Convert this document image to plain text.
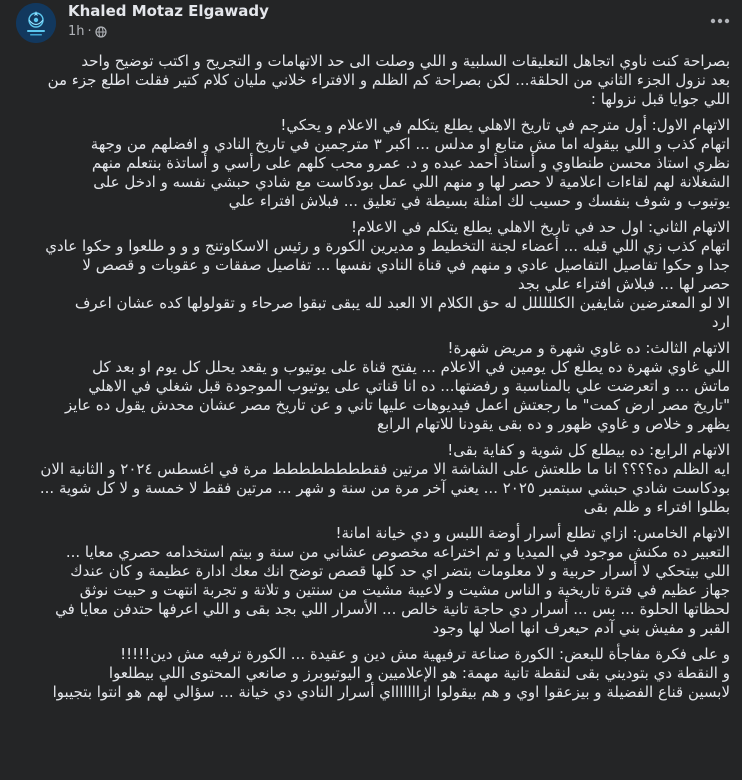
Khaled Motaz Elgawady
1h ·
بصراحة كنت ناوي اتجاهل التعليقات السلبية و اللي وصلت الى حد الاتهامات و التجريح و اكتب توضيح واحد
بعد نزول الجزء الثاني من الحلقة... لكن بصراحة كم الظلم و الافتراء خلاني مليان كلام كتير فقلت اطلع جزء من
اللي جوايا قبل نزولها :
الاتهام الاول: أول مترجم في تاريخ الاهلي يطلع يتكلم في الاعلام و يحكي!
اتهام كذب و اللي بيقوله اما مش متابع او مدلس ... اكبر ٣ مترجمين في تاريخ النادي و افضلهم من وجهة
نظري استاذ محسن طنطاوي و أستاذ أحمد عبده و د. عمرو محب كلهم على رأسي و أساتذة بنتعلم منهم
الشغلانة لهم لقاءات اعلامية لا حصر لها و منهم اللي عمل بودكاست مع شادي حبشي نفسه و ادخل على
يوتيوب و شوف بنفسك و حسيب لك امثلة بسيطة في تعليق ... فبلاش افتراء علي
الاتهام الثاني: اول حد في تاريخ الاهلي يطلع يتكلم في الاعلام!
اتهام كذب زي اللي قبله ... أعضاء لجنة التخطيط و مديرين الكورة و رئيس الاسكاوتنج و و و طلعوا و حكوا عادي
جدا و حكوا تفاصيل التفاصيل عادي و منهم في قناة النادي نفسها ... تفاصيل صفقات و عقوبات و قصص لا
حصر لها ... فبلاش افتراء علي بجد
الا لو المعترضين شايفين الكلللللل له حق الكلام الا العبد لله يبقى تبقوا صرحاء و تقولولها كده عشان اعرف
ارد
الاتهام الثالث: ده غاوي شهرة و مريض شهرة!
اللي غاوي شهرة ده يطلع كل يومين في الاعلام ... يفتح قناة على يوتيوب و يقعد يحلل كل يوم او بعد كل
ماتش ... و اتعرضت علي بالمناسبة و رفضتها... ده انا قناتي على يوتيوب الموجودة قبل شغلي في الاهلي
"تاريخ مصر ارض كمت" ما رجعتش اعمل فيديوهات عليها تاني و عن تاريخ مصر عشان محدش يقول ده عايز
يظهر و خلاص و غاوي ظهور و ده بقى يقودنا للاتهام الرابع
الاتهام الرابع: ده بيطلع كل شوية و كفاية بقى!
ايه الظلم ده؟؟؟؟ انا ما طلعتش على الشاشة الا مرتين فقطططططططط مرة في اغسطس ٢٠٢٤ و الثانية الان
بودكاست شادي حبشي سبتمبر ٢٠٢٥ ... يعني آخر مرة من سنة و شهر ... مرتين فقط لا خمسة و لا كل شوية ...
بطلوا افتراء و ظلم بقى
الاتهام الخامس: ازاي تطلع أسرار أوضة اللبس و دي خيانة امانة!
التعبير ده مكنش موجود في الميديا و تم اختراعه مخصوص عشاني من سنة و بيتم استخدامه حصري معايا ...
اللي بيتحكي لا أسرار حربية و لا معلومات بتضر اي حد كلها قصص توضح انك معك ادارة عظيمة و كان عندك
جهاز عظيم في فترة تاريخية و الناس مشيت و لاعيبة مشيت من سنتين و تلاتة و تجربة انتهت و حبيت نوثق
لحظاتها الحلوة ... بس ... أسرار دي حاجة تانية خالص ... الأسرار اللي بجد بقى و اللي اعرفها حتدفن معايا في
القبر و مفيش بني آدم حيعرف انها اصلا لها وجود
و على فكرة مفاجأة للبعض: الكورة صناعة ترفيهية مش دين و عقيدة ... الكورة ترفيه مش دين!!!!!
و النقطة دي بتوديني بقى لنقطة تانية مهمة: هو الإعلاميين و اليوتيوبرز و صانعي المحتوى اللي بيطلعوا
لابسين قناع الفضيلة و بيزعقوا اوي و هم بيقولوا ازاااااااي أسرار النادي دي خيانة ... سؤالي لهم هو انتوا بتجيبوا
